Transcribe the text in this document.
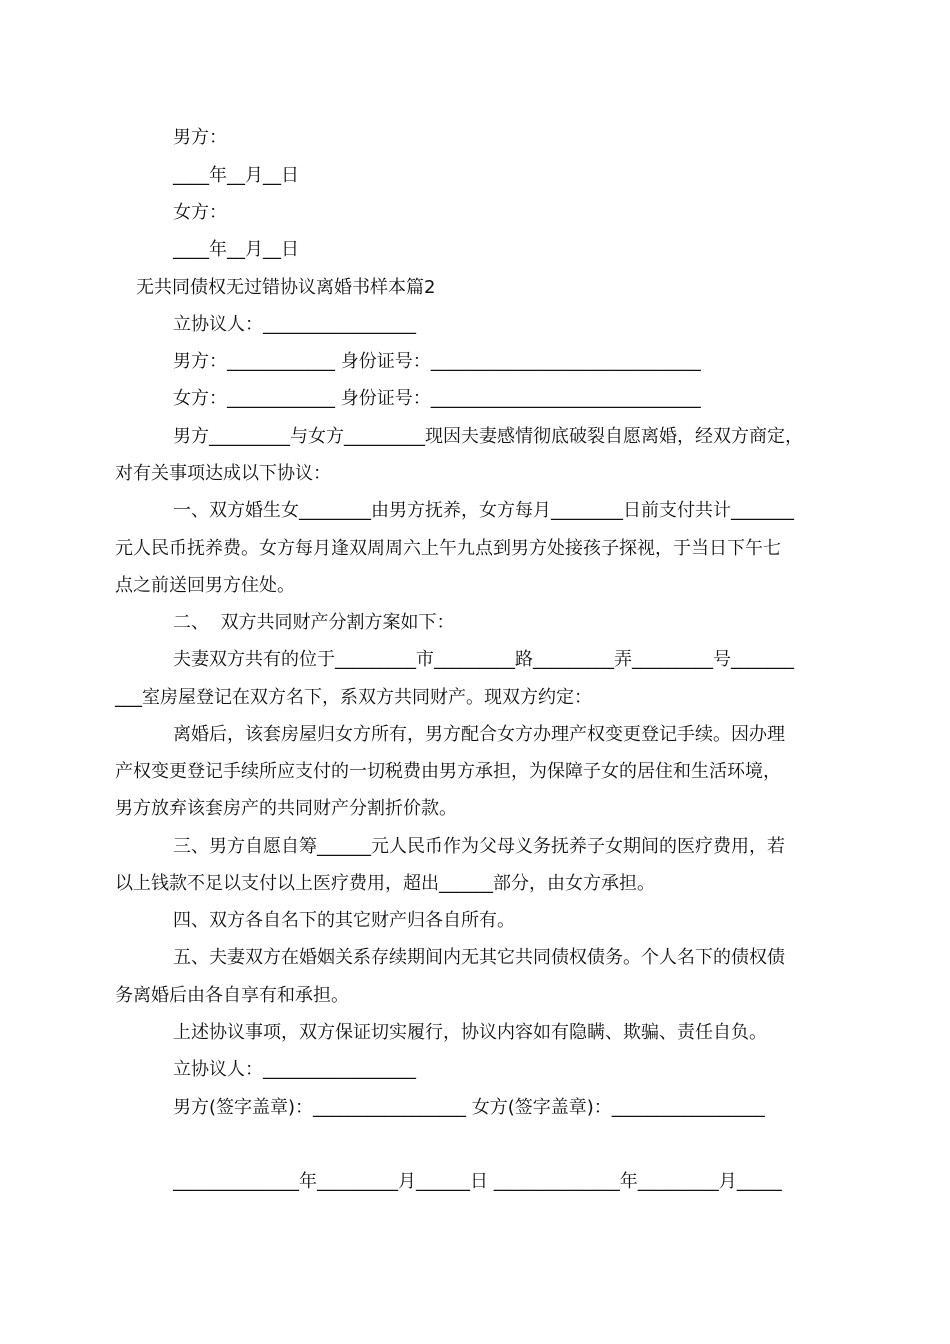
男方：
____年__月__日
女方：
____年__月__日
无共同债权无过错协议离婚书样本篇2
立协议人：_________________
男方：____________ 身份证号：______________________________
女方：____________ 身份证号：______________________________
男方_________与女方_________现因夫妻感情彻底破裂自愿离婚，经双方商定，
对有关事项达成以下协议：
一、双方婚生女________由男方抚养，女方每月________日前支付共计_______
元人民币抚养费。女方每月逢双周周六上午九点到男方处接孩子探视，于当日下午七
点之前送回男方住处。
二、  双方共同财产分割方案如下：
夫妻双方共有的位于_________市_________路_________弄_________号_______
___室房屋登记在双方名下，系双方共同财产。现双方约定：
离婚后，该套房屋归女方所有，男方配合女方办理产权变更登记手续。因办理
产权变更登记手续所应支付的一切税费由男方承担，为保障子女的居住和生活环境，
男方放弃该套房产的共同财产分割折价款。
三、男方自愿自筹______元人民币作为父母义务抚养子女期间的医疗费用，若
以上钱款不足以支付以上医疗费用，超出______部分，由女方承担。
四、双方各自名下的其它财产归各自所有。
五、夫妻双方在婚姻关系存续期间内无其它共同债权债务。个人名下的债权债
务离婚后由各自享有和承担。
上述协议事项，双方保证切实履行，协议内容如有隐瞒、欺骗、责任自负。
立协议人：_________________
男方(签字盖章)：_________________ 女方(签字盖章)：_________________
______________年_________月______日 ______________年_________月_____
